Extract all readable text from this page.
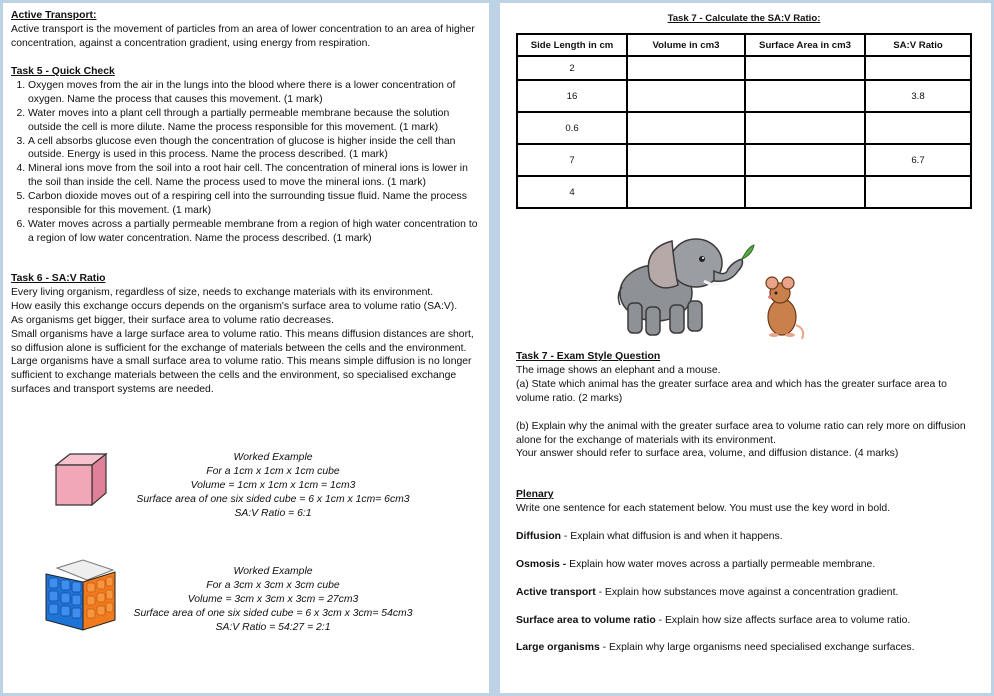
Active Transport:
Active transport is the movement of particles from an area of lower concentration to an area of higher concentration, against a concentration gradient, using energy from respiration.
Task 5 - Quick Check
1. Oxygen moves from the air in the lungs into the blood where there is a lower concentration of oxygen. Name the process that causes this movement. (1 mark)
2. Water moves into a plant cell through a partially permeable membrane because the solution outside the cell is more dilute. Name the process responsible for this movement. (1 mark)
3. A cell absorbs glucose even though the concentration of glucose is higher inside the cell than outside. Energy is used in this process. Name the process described. (1 mark)
4. Mineral ions move from the soil into a root hair cell. The concentration of mineral ions is lower in the soil than inside the cell. Name the process used to move the mineral ions. (1 mark)
5. Carbon dioxide moves out of a respiring cell into the surrounding tissue fluid. Name the process responsible for this movement. (1 mark)
6. Water moves across a partially permeable membrane from a region of high water concentration to a region of low water concentration. Name the process described. (1 mark)
Task 6 - SA:V Ratio
Every living organism, regardless of size, needs to exchange materials with its environment.
How easily this exchange occurs depends on the organism's surface area to volume ratio (SA:V).
As organisms get bigger, their surface area to volume ratio decreases.
Small organisms have a large surface area to volume ratio. This means diffusion distances are short, so diffusion alone is sufficient for the exchange of materials between the cells and the environment.
Large organisms have a small surface area to volume ratio. This means simple diffusion is no longer sufficient to exchange materials between the cells and the environment, so specialised exchange surfaces and transport systems are needed.
Worked Example
For a 1cm x 1cm x 1cm cube
Volume = 1cm x 1cm x 1cm = 1cm3
Surface area of one six sided cube = 6 x 1cm x 1cm= 6cm3
SA:V Ratio = 6:1
Worked Example
For a 3cm x 3cm x 3cm cube
Volume = 3cm x 3cm x 3cm = 27cm3
Surface area of one six sided cube = 6 x 3cm x 3cm= 54cm3
SA:V Ratio = 54:27 = 2:1
Task 7 - Calculate the SA:V Ratio:
Side Length in cm	Volume in cm3	Surface Area in cm3	SA:V Ratio
2			
16			3.8
0.6			
7			6.7
4			
Task 7 - Exam Style Question
The image shows an elephant and a mouse.
(a) State which animal has the greater surface area and which has the greater surface area to volume ratio. (2 marks)
(b) Explain why the animal with the greater surface area to volume ratio can rely more on diffusion alone for the exchange of materials with its environment.
Your answer should refer to surface area, volume, and diffusion distance. (4 marks)
Plenary
Write one sentence for each statement below. You must use the key word in bold.

Diffusion - Explain what diffusion is and when it happens.

Osmosis - Explain how water moves across a partially permeable membrane.

Active transport - Explain how substances move against a concentration gradient.

Surface area to volume ratio - Explain how size affects surface area to volume ratio.

Large organisms - Explain why large organisms need specialised exchange surfaces.
